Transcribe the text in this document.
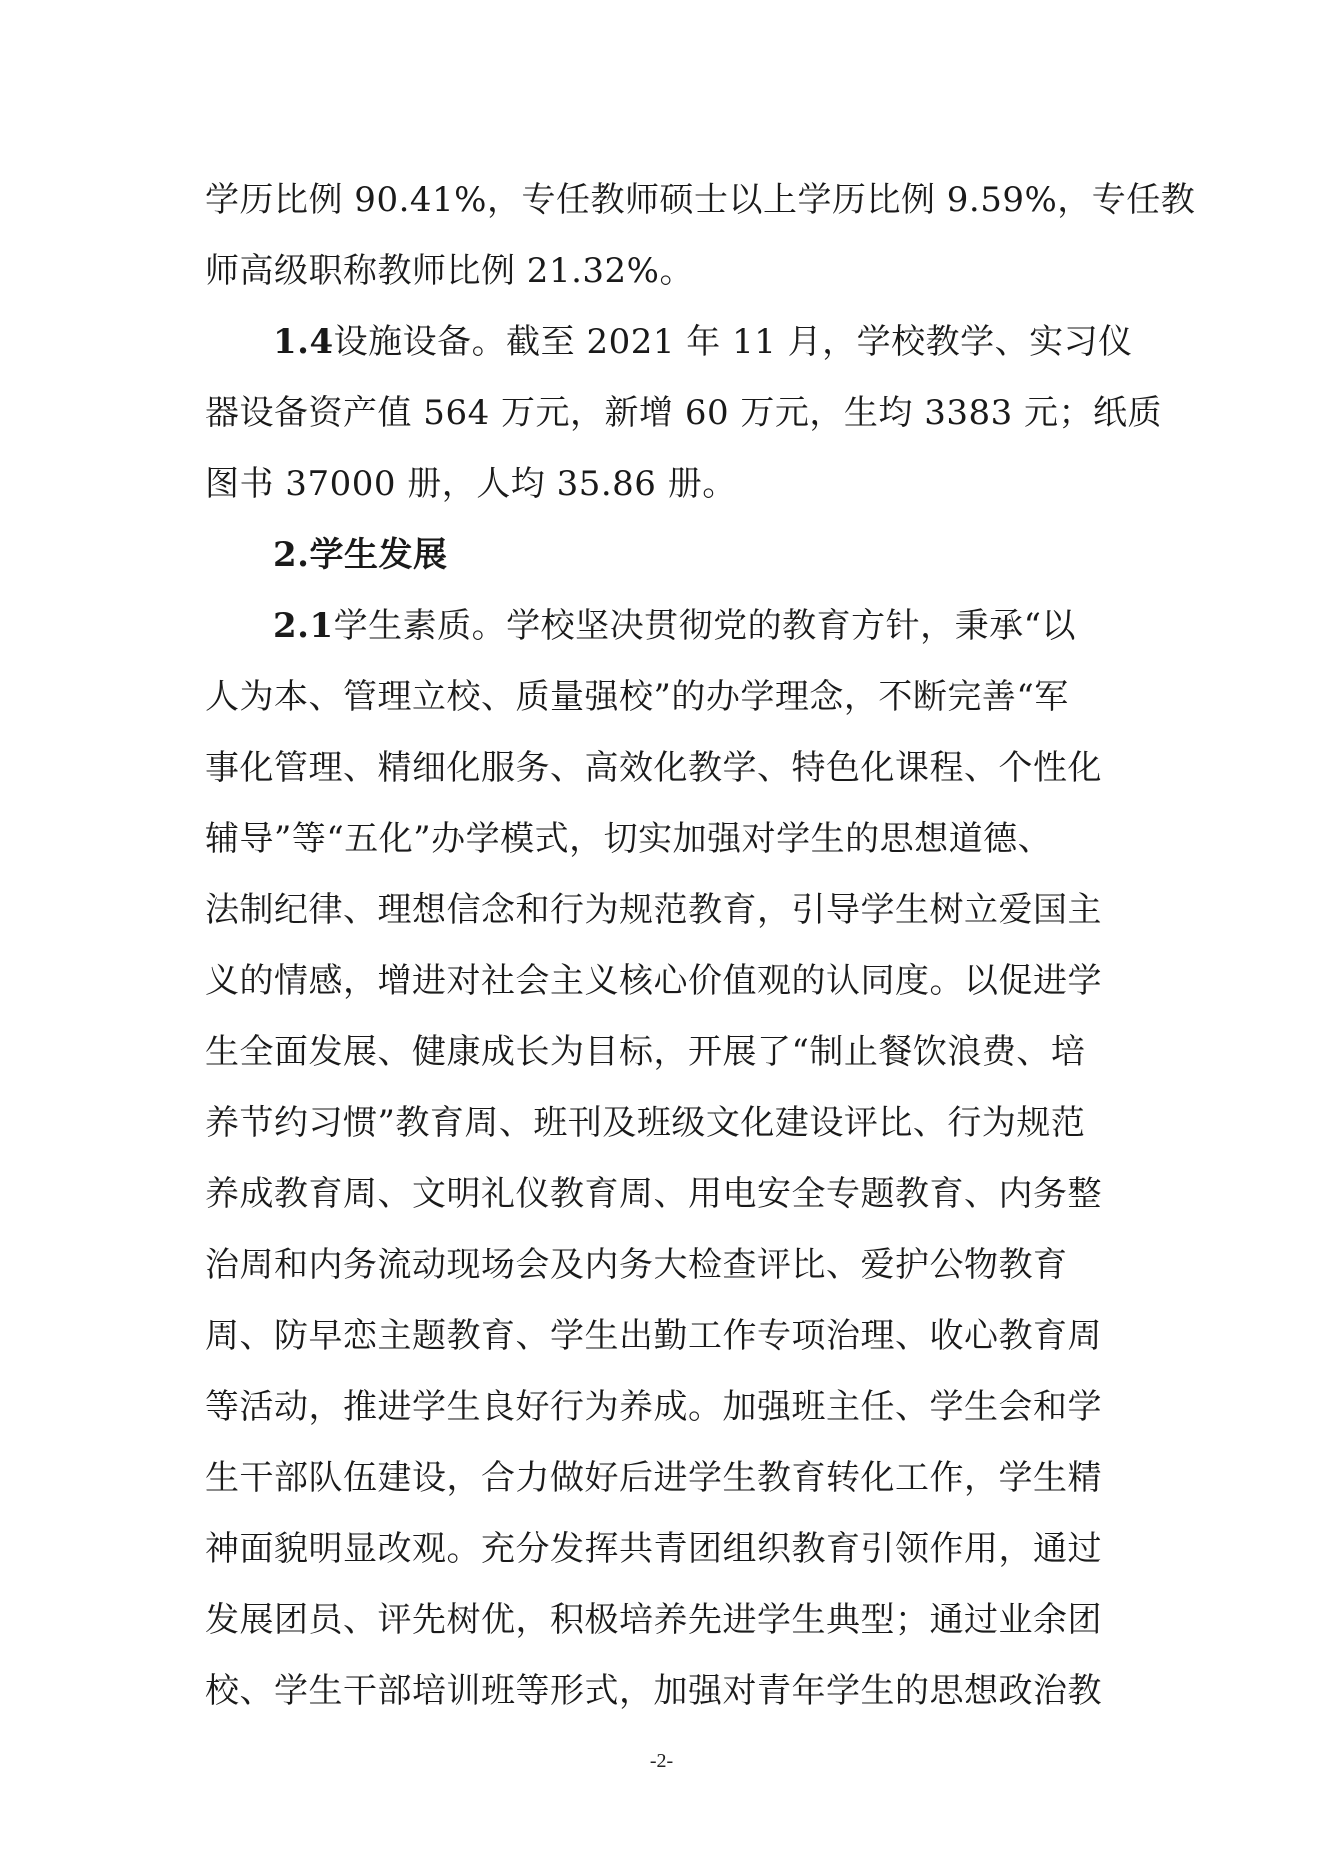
学历比例 90.41%，专任教师硕士以上学历比例 9.59%，专任教
师高级职称教师比例 21.32%。
1.4设施设备。截至 2021 年 11 月，学校教学、实习仪
器设备资产值 564 万元，新增 60 万元，生均 3383 元；纸质
图书 37000 册，人均 35.86 册。
2.学生发展
2.1学生素质。学校坚决贯彻党的教育方针，秉承“以
人为本、管理立校、质量强校”的办学理念，不断完善“军
事化管理、精细化服务、高效化教学、特色化课程、个性化
辅导”等“五化”办学模式，切实加强对学生的思想道德、
法制纪律、理想信念和行为规范教育，引导学生树立爱国主
义的情感，增进对社会主义核心价值观的认同度。以促进学
生全面发展、健康成长为目标，开展了“制止餐饮浪费、培
养节约习惯”教育周、班刊及班级文化建设评比、行为规范
养成教育周、文明礼仪教育周、用电安全专题教育、内务整
治周和内务流动现场会及内务大检查评比、爱护公物教育
周、防早恋主题教育、学生出勤工作专项治理、收心教育周
等活动，推进学生良好行为养成。加强班主任、学生会和学
生干部队伍建设，合力做好后进学生教育转化工作，学生精
神面貌明显改观。充分发挥共青团组织教育引领作用，通过
发展团员、评先树优，积极培养先进学生典型；通过业余团
校、学生干部培训班等形式，加强对青年学生的思想政治教
-2-
